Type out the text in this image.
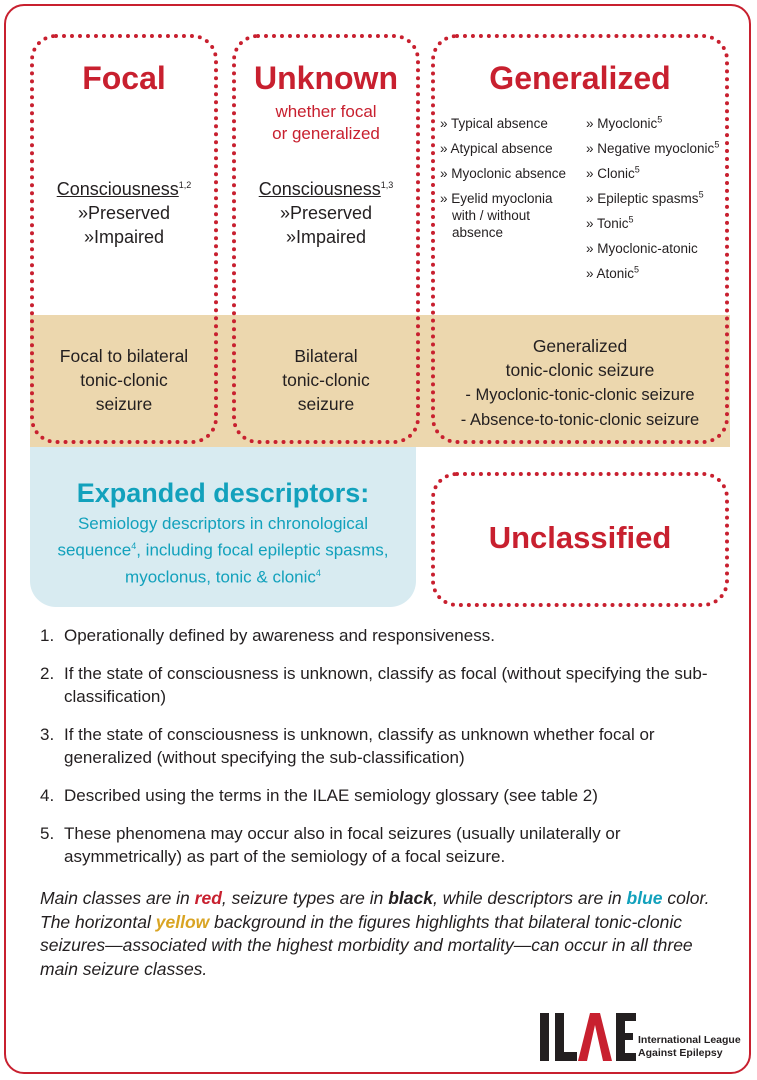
Focal
Consciousness$^{1,2}$
»Preserved
»Impaired
Focal to bilateral
tonic-clonic
seizure
Unknown
whether focal
or generalized
Consciousness$^{1,3}$
»Preserved
»Impaired
Bilateral
tonic-clonic
seizure
Generalized
» Typical absence
» Atypical absence
» Myoclonic absence
» Eyelid myoclonia with / without absence
» Myoclonic$^5$
» Negative myoclonic$^5$
» Clonic$^5$
» Epileptic spasms$^5$
» Tonic$^5$
» Myoclonic-atonic
» Atonic$^5$
Generalized
tonic-clonic seizure
- Myoclonic-tonic-clonic seizure
- Absence-to-tonic-clonic seizure
Expanded descriptors:
Semiology descriptors in chronological
sequence$^4$, including focal epileptic spasms,
myoclonus, tonic & clonic$^4$
Unclassified
1. Operationally defined by awareness and responsiveness.
2. If the state of consciousness is unknown, classify as focal (without specifying the sub-classification)
3. If the state of consciousness is unknown, classify as unknown whether focal or generalized (without specifying the sub-classification)
4. Described using the terms in the ILAE semiology glossary (see table 2)
5. These phenomena may occur also in focal seizures (usually unilaterally or asymmetrically) as part of the semiology of a focal seizure.
Main classes are in red, seizure types are in black, while descriptors are in blue color. The horizontal yellow background in the figures highlights that bilateral tonic-clonic seizures—associated with the highest morbidity and mortality—can occur in all three main seizure classes.
International League
Against Epilepsy
